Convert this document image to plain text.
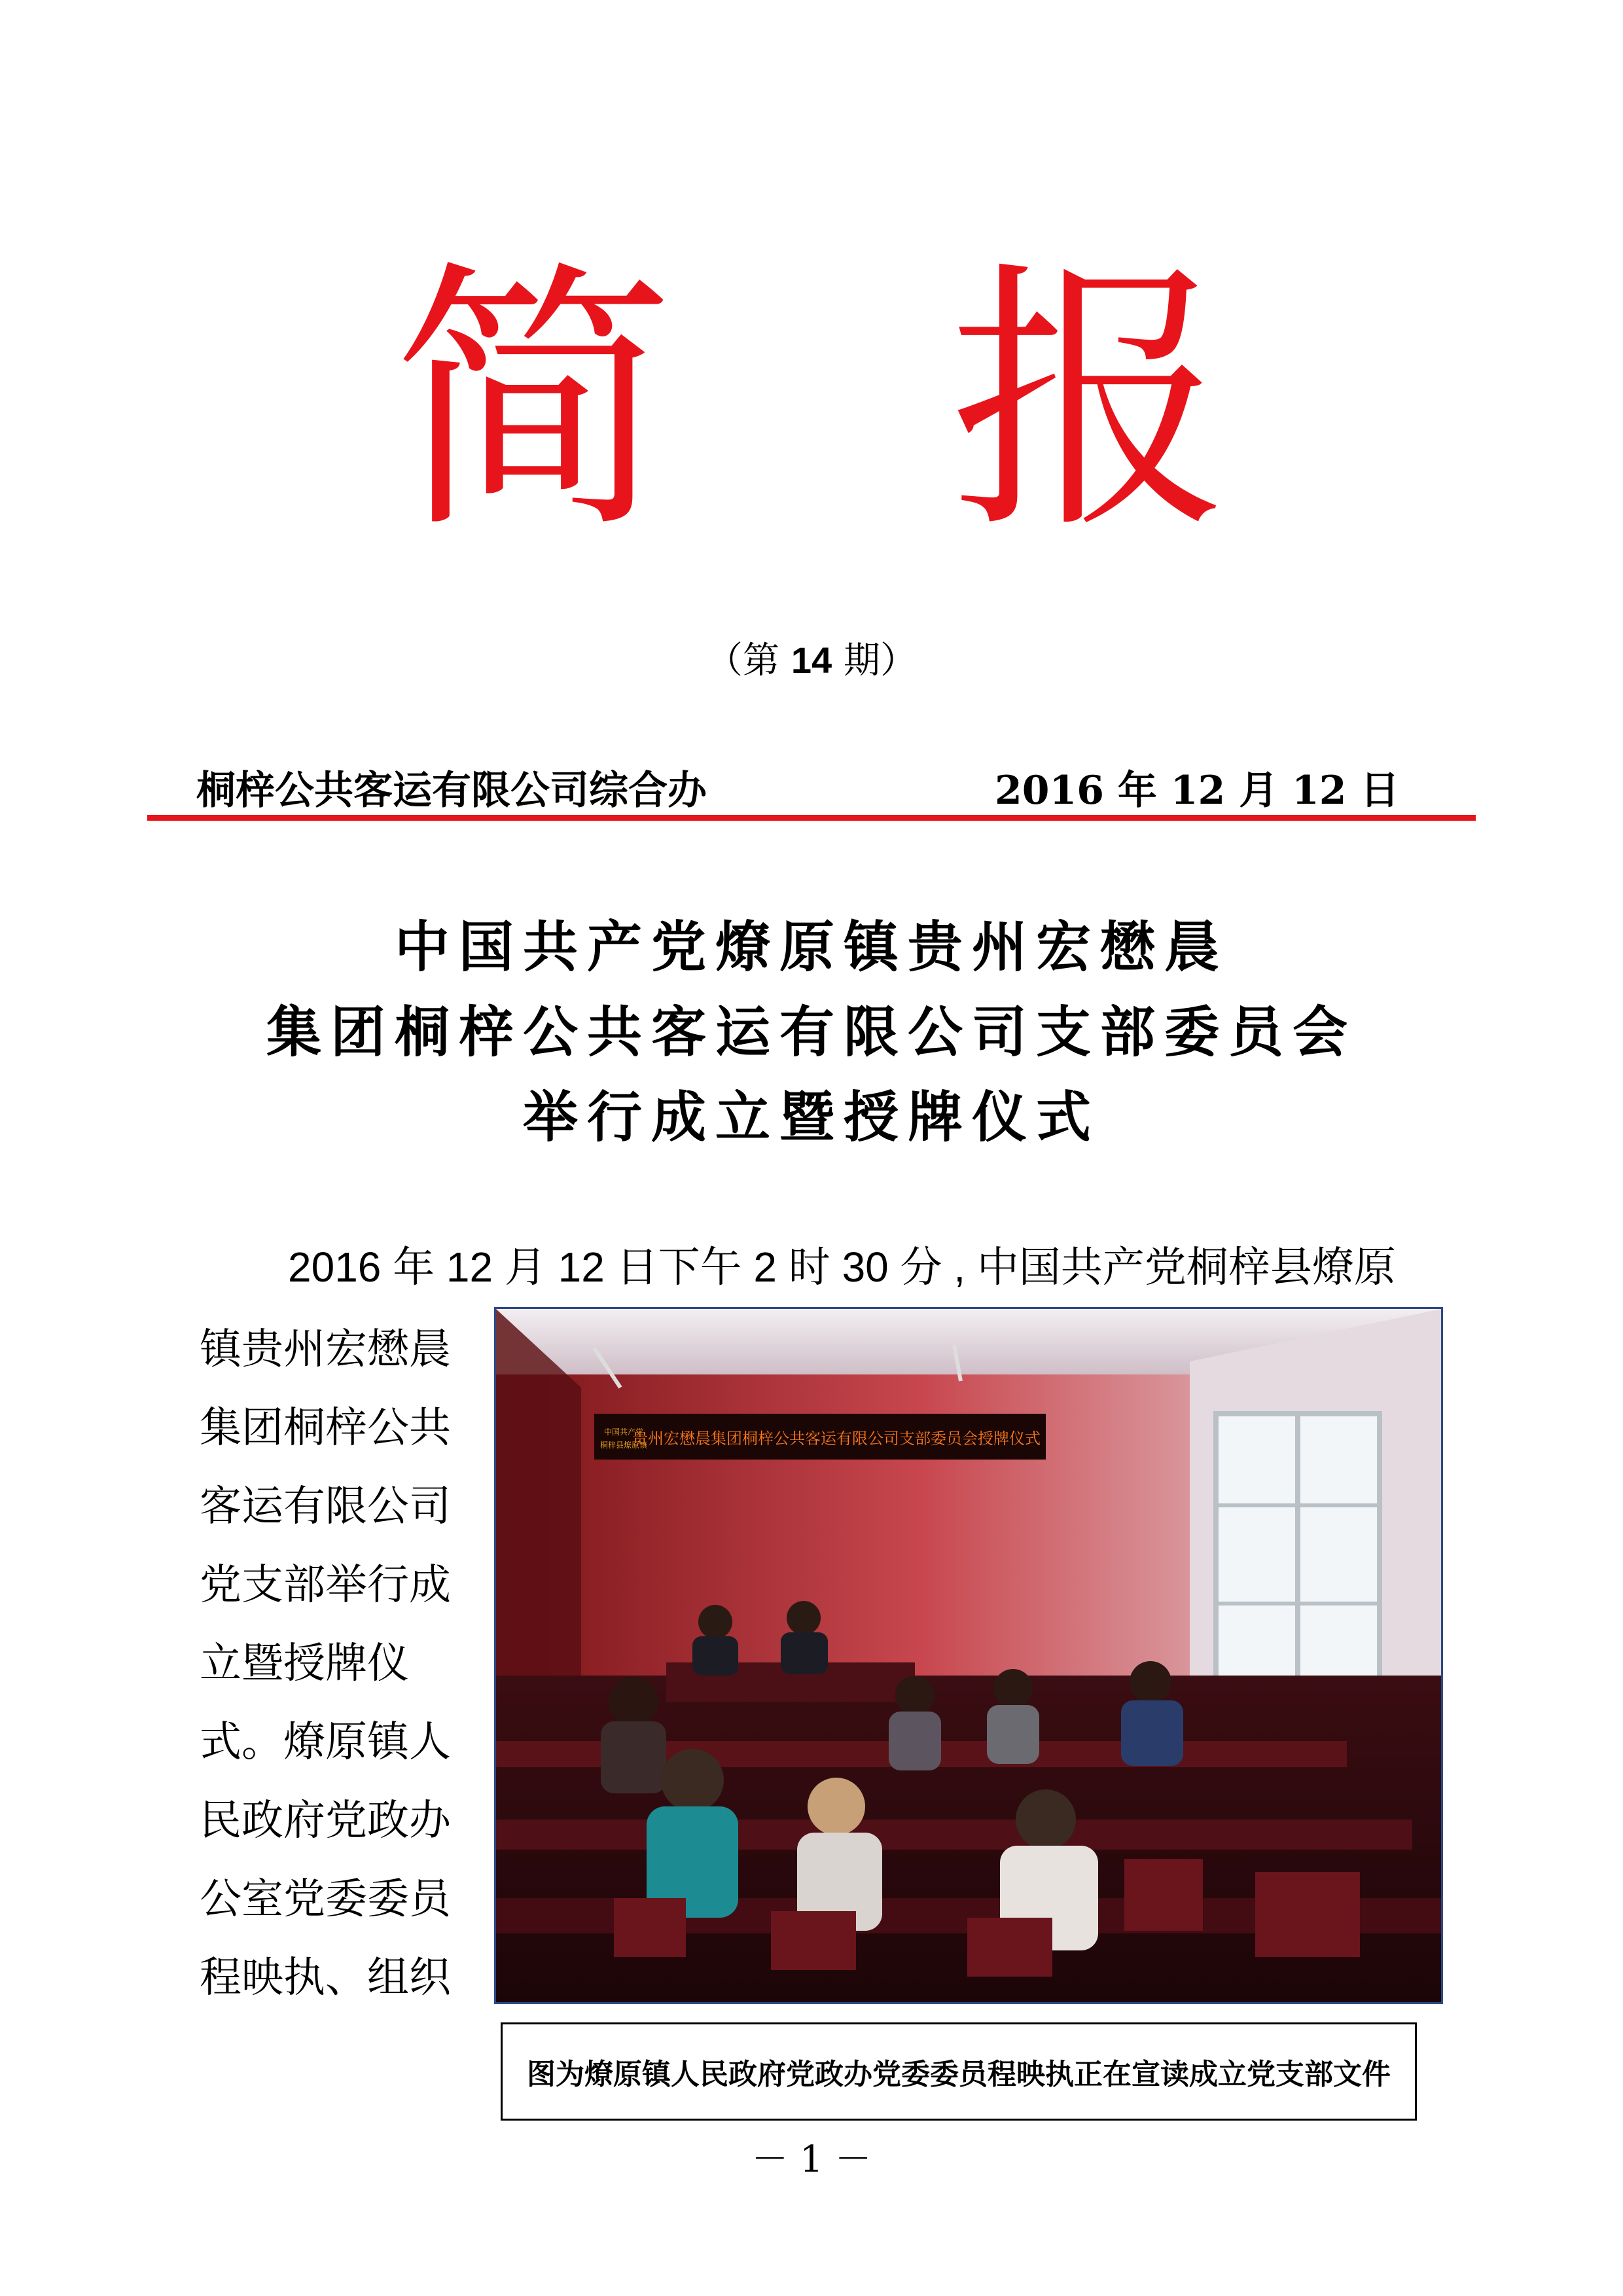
简报
（第 14 期）
桐梓公共客运有限公司综合办	2016 年 12 月 12 日
中国共产党燎原镇贵州宏懋晨
集团桐梓公共客运有限公司支部委员会
举行成立暨授牌仪式
2016 年 12 月 12 日下午 2 时 30 分 , 中国共产党桐梓县燎原
镇贵州宏懋晨
集团桐梓公共
客运有限公司
党支部举行成
立暨授牌仪
式。燎原镇人
民政府党政办
公室党委委员
程映执、组织
中国共产党
桐梓县燎原镇
贵州宏懋晨集团桐梓公共客运有限公司支部委员会授牌仪式
图为燎原镇人民政府党政办党委委员程映执正在宣读成立党支部文件
－ 1 －
